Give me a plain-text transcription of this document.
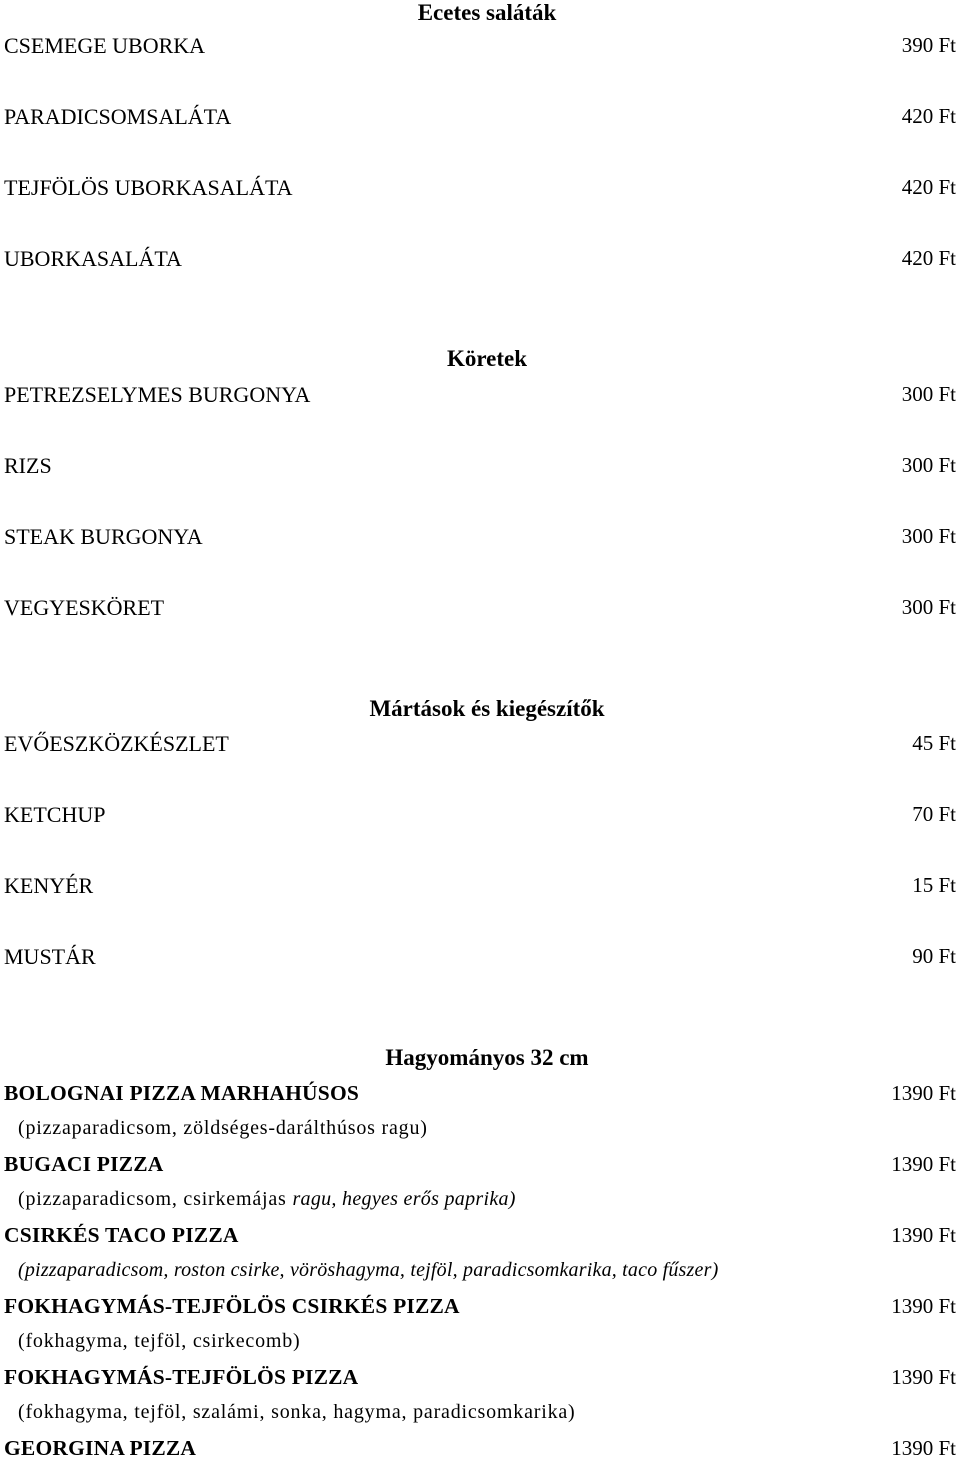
Ecetes saláták
CSEMEGE UBORKA	390 Ft
PARADICSOMSALÁTA	420 Ft
TEJFÖLÖS UBORKASALÁTA	420 Ft
UBORKASALÁTA	420 Ft
Köretek
PETREZSELYMES BURGONYA	300 Ft
RIZS	300 Ft
STEAK BURGONYA	300 Ft
VEGYESKÖRET	300 Ft
Mártások és kiegészítők
EVŐESZKÖZKÉSZLET	45 Ft
KETCHUP	70 Ft
KENYÉR	15 Ft
MUSTÁR	90 Ft
Hagyományos 32 cm
BOLOGNAI PIZZA MARHAHÚSOS	1390 Ft
(pizzaparadicsom, zöldséges-darálthúsos ragu)
BUGACI PIZZA	1390 Ft
(pizzaparadicsom, csirkemájas ragu, hegyes erős paprika)
CSIRKÉS TACO PIZZA	1390 Ft
(pizzaparadicsom, roston csirke, vöröshagyma, tejföl, paradicsomkarika, taco fűszer)
FOKHAGYMÁS-TEJFÖLÖS CSIRKÉS PIZZA	1390 Ft
(fokhagyma, tejföl, csirkecomb)
FOKHAGYMÁS-TEJFÖLÖS PIZZA	1390 Ft
(fokhagyma, tejföl, szalámi, sonka, hagyma, paradicsomkarika)
GEORGINA PIZZA	1390 Ft
